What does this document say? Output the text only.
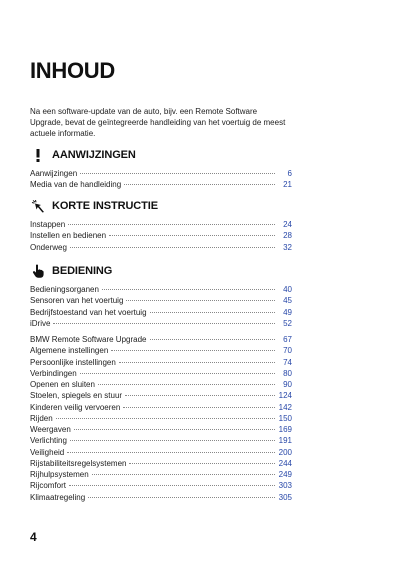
INHOUD

Na een software-update van de auto, bijv. een Remote Software Upgrade, bevat de geïntegreerde handleiding van het voertuig de meest actuele informatie.

AANWIJZINGEN
Aanwijzingen	6
Media van de handleiding	21
KORTE INSTRUCTIE
Instappen	24
Instellen en bedienen	28
Onderweg	32
BEDIENING
Bedieningsorganen	40
Sensoren van het voertuig	45
Bedrijfstoestand van het voertuig	49
iDrive	52
BMW Remote Software Upgrade	67
Algemene instellingen	70
Persoonlijke instellingen	74
Verbindingen	80
Openen en sluiten	90
Stoelen, spiegels en stuur	124
Kinderen veilig vervoeren	142
Rijden	150
Weergaven	169
Verlichting	191
Veiligheid	200
Rijstabiliteitsregelsystemen	244
Rijhulpsystemen	249
Rijcomfort	303
Klimaatregeling	305
4
